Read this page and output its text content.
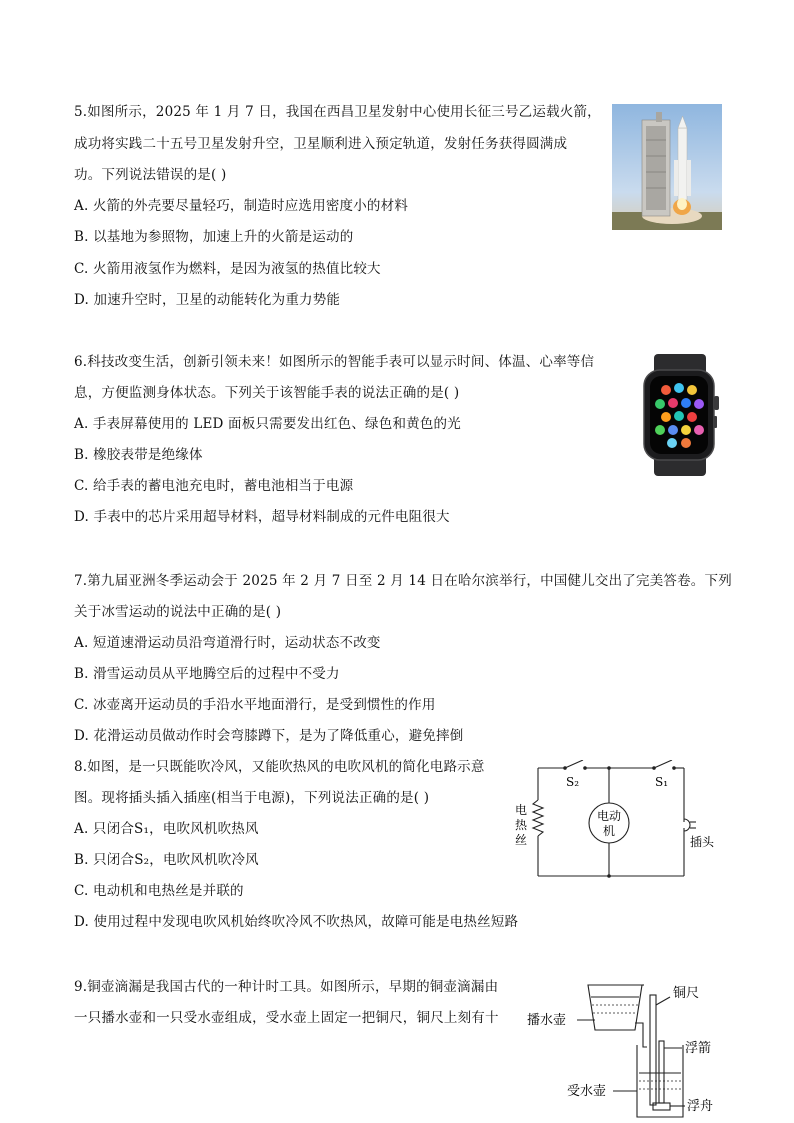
5.如图所示，2025 年 1 月 7 日，我国在西昌卫星发射中心使用长征三号乙运载火箭，
成功将实践二十五号卫星发射升空，卫星顺利进入预定轨道，发射任务获得圆满成
功。下列说法错误的是( )
A. 火箭的外壳要尽量轻巧，制造时应选用密度小的材料
B. 以基地为参照物，加速上升的火箭是运动的
C. 火箭用液氢作为燃料，是因为液氢的热值比较大
D. 加速升空时，卫星的动能转化为重力势能
6.科技改变生活，创新引领未来！如图所示的智能手表可以显示时间、体温、心率等信
息，方便监测身体状态。下列关于该智能手表的说法正确的是( )
A. 手表屏幕使用的 LED 面板只需要发出红色、绿色和黄色的光
B. 橡胶表带是绝缘体
C. 给手表的蓄电池充电时，蓄电池相当于电源
D. 手表中的芯片采用超导材料，超导材料制成的元件电阻很大
7.第九届亚洲冬季运动会于 2025 年 2 月 7 日至 2 月 14 日在哈尔滨举行，中国健儿交出了完美答卷。下列
关于冰雪运动的说法中正确的是( )
A. 短道速滑运动员沿弯道滑行时，运动状态不改变
B. 滑雪运动员从平地腾空后的过程中不受力
C. 冰壶离开运动员的手沿水平地面滑行，是受到惯性的作用
D. 花滑运动员做动作时会弯膝蹲下，是为了降低重心，避免摔倒
8.如图，是一只既能吹冷风，又能吹热风的电吹风机的简化电路示意
图。现将插头插入插座(相当于电源)，下列说法正确的是( )
A. 只闭合S₁，电吹风机吹热风
B. 只闭合S₂，电吹风机吹冷风
C. 电动机和电热丝是并联的
D. 使用过程中发现电吹风机始终吹冷风不吹热风，故障可能是电热丝短路
S₂	S₁
电
热
丝
电动
机
插头
9.铜壶滴漏是我国古代的一种计时工具。如图所示，早期的铜壶滴漏由
一只播水壶和一只受水壶组成，受水壶上固定一把铜尺，铜尺上刻有十 播水壶
铜尺
浮箭
受水壶
浮舟
